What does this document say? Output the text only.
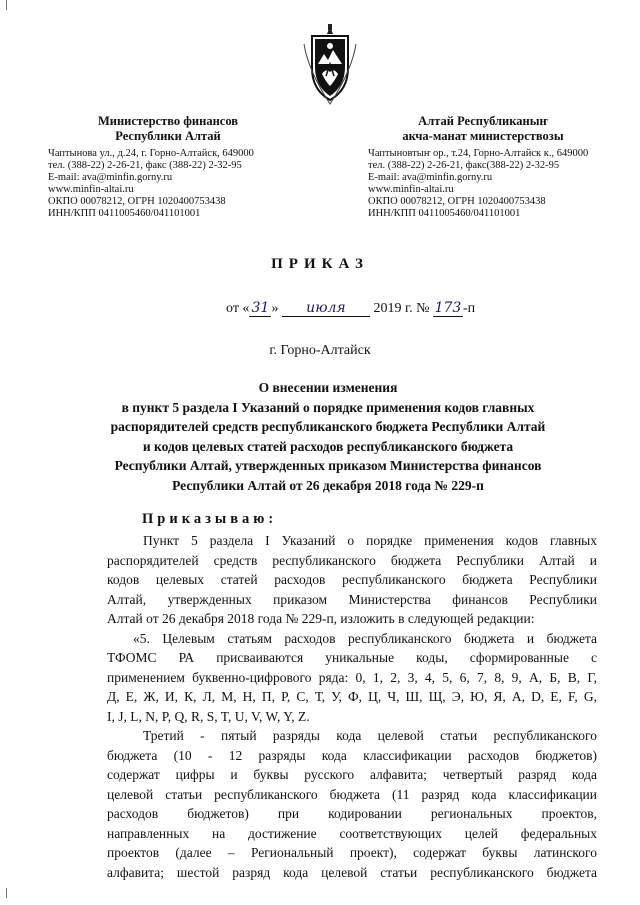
Министерство финансов
Республики Алтай
Чаптынова ул., д.24, г. Горно-Алтайск, 649000
тел. (388-22) 2-26-21, факс (388-22) 2-32-95
E-mail: ava@minfin.gorny.ru
www.minfin-altai.ru
ОКПО 00078212, ОГРН 1020400753438
ИНН/КПП 0411005460/041101001
Алтай Республиканыҥ
акча-манат министерствозы
Чаптыновтыҥ ор., т.24, Горно-Алтайск к., 649000
тел. (388-22) 2-26-21, факс(388-22) 2-32-95
E-mail: ava@minfin.gorny.ru
www.minfin-altai.ru
ОКПО 00078212, ОГРН 1020400753438
ИНН/КПП 0411005460/041101001
ПРИКАЗ
от « 31 » июля 2019 г. № 173 -п
г. Горно-Алтайск
О внесении изменения
в пункт 5 раздела I Указаний о порядке применения кодов главных
распорядителей средств республиканского бюджета Республики Алтай
и кодов целевых статей расходов республиканского бюджета
Республики Алтай, утвержденных приказом Министерства финансов
Республики Алтай от 26 декабря 2018 года № 229-п
Приказываю:
Пункт 5 раздела I Указаний о порядке применения кодов главных
распорядителей средств республиканского бюджета Республики Алтай и
кодов целевых статей расходов республиканского бюджета Республики
Алтай, утвержденных приказом Министерства финансов Республики
Алтай от 26 декабря 2018 года № 229-п, изложить в следующей редакции:
«5. Целевым статьям расходов республиканского бюджета и бюджета
ТФОМС РА присваиваются уникальные коды, сформированные с
применением буквенно-цифрового ряда: 0, 1, 2, 3, 4, 5, 6, 7, 8, 9, А, Б, В, Г,
Д, Е, Ж, И, К, Л, М, Н, П, Р, С, Т, У, Ф, Ц, Ч, Ш, Щ, Э, Ю, Я, A, D, E, F, G,
I, J, L, N, P, Q, R, S, T, U, V, W, Y, Z.
Третий - пятый разряды кода целевой статьи республиканского
бюджета (10 - 12 разряды кода классификации расходов бюджетов)
содержат цифры и буквы русского алфавита; четвертый разряд кода
целевой статьи республиканского бюджета (11 разряд кода классификации
расходов бюджетов) при кодировании региональных проектов,
направленных на достижение соответствующих целей федеральных
проектов (далее – Региональный проект), содержат буквы латинского
алфавита; шестой разряд кода целевой статьи республиканского бюджета
